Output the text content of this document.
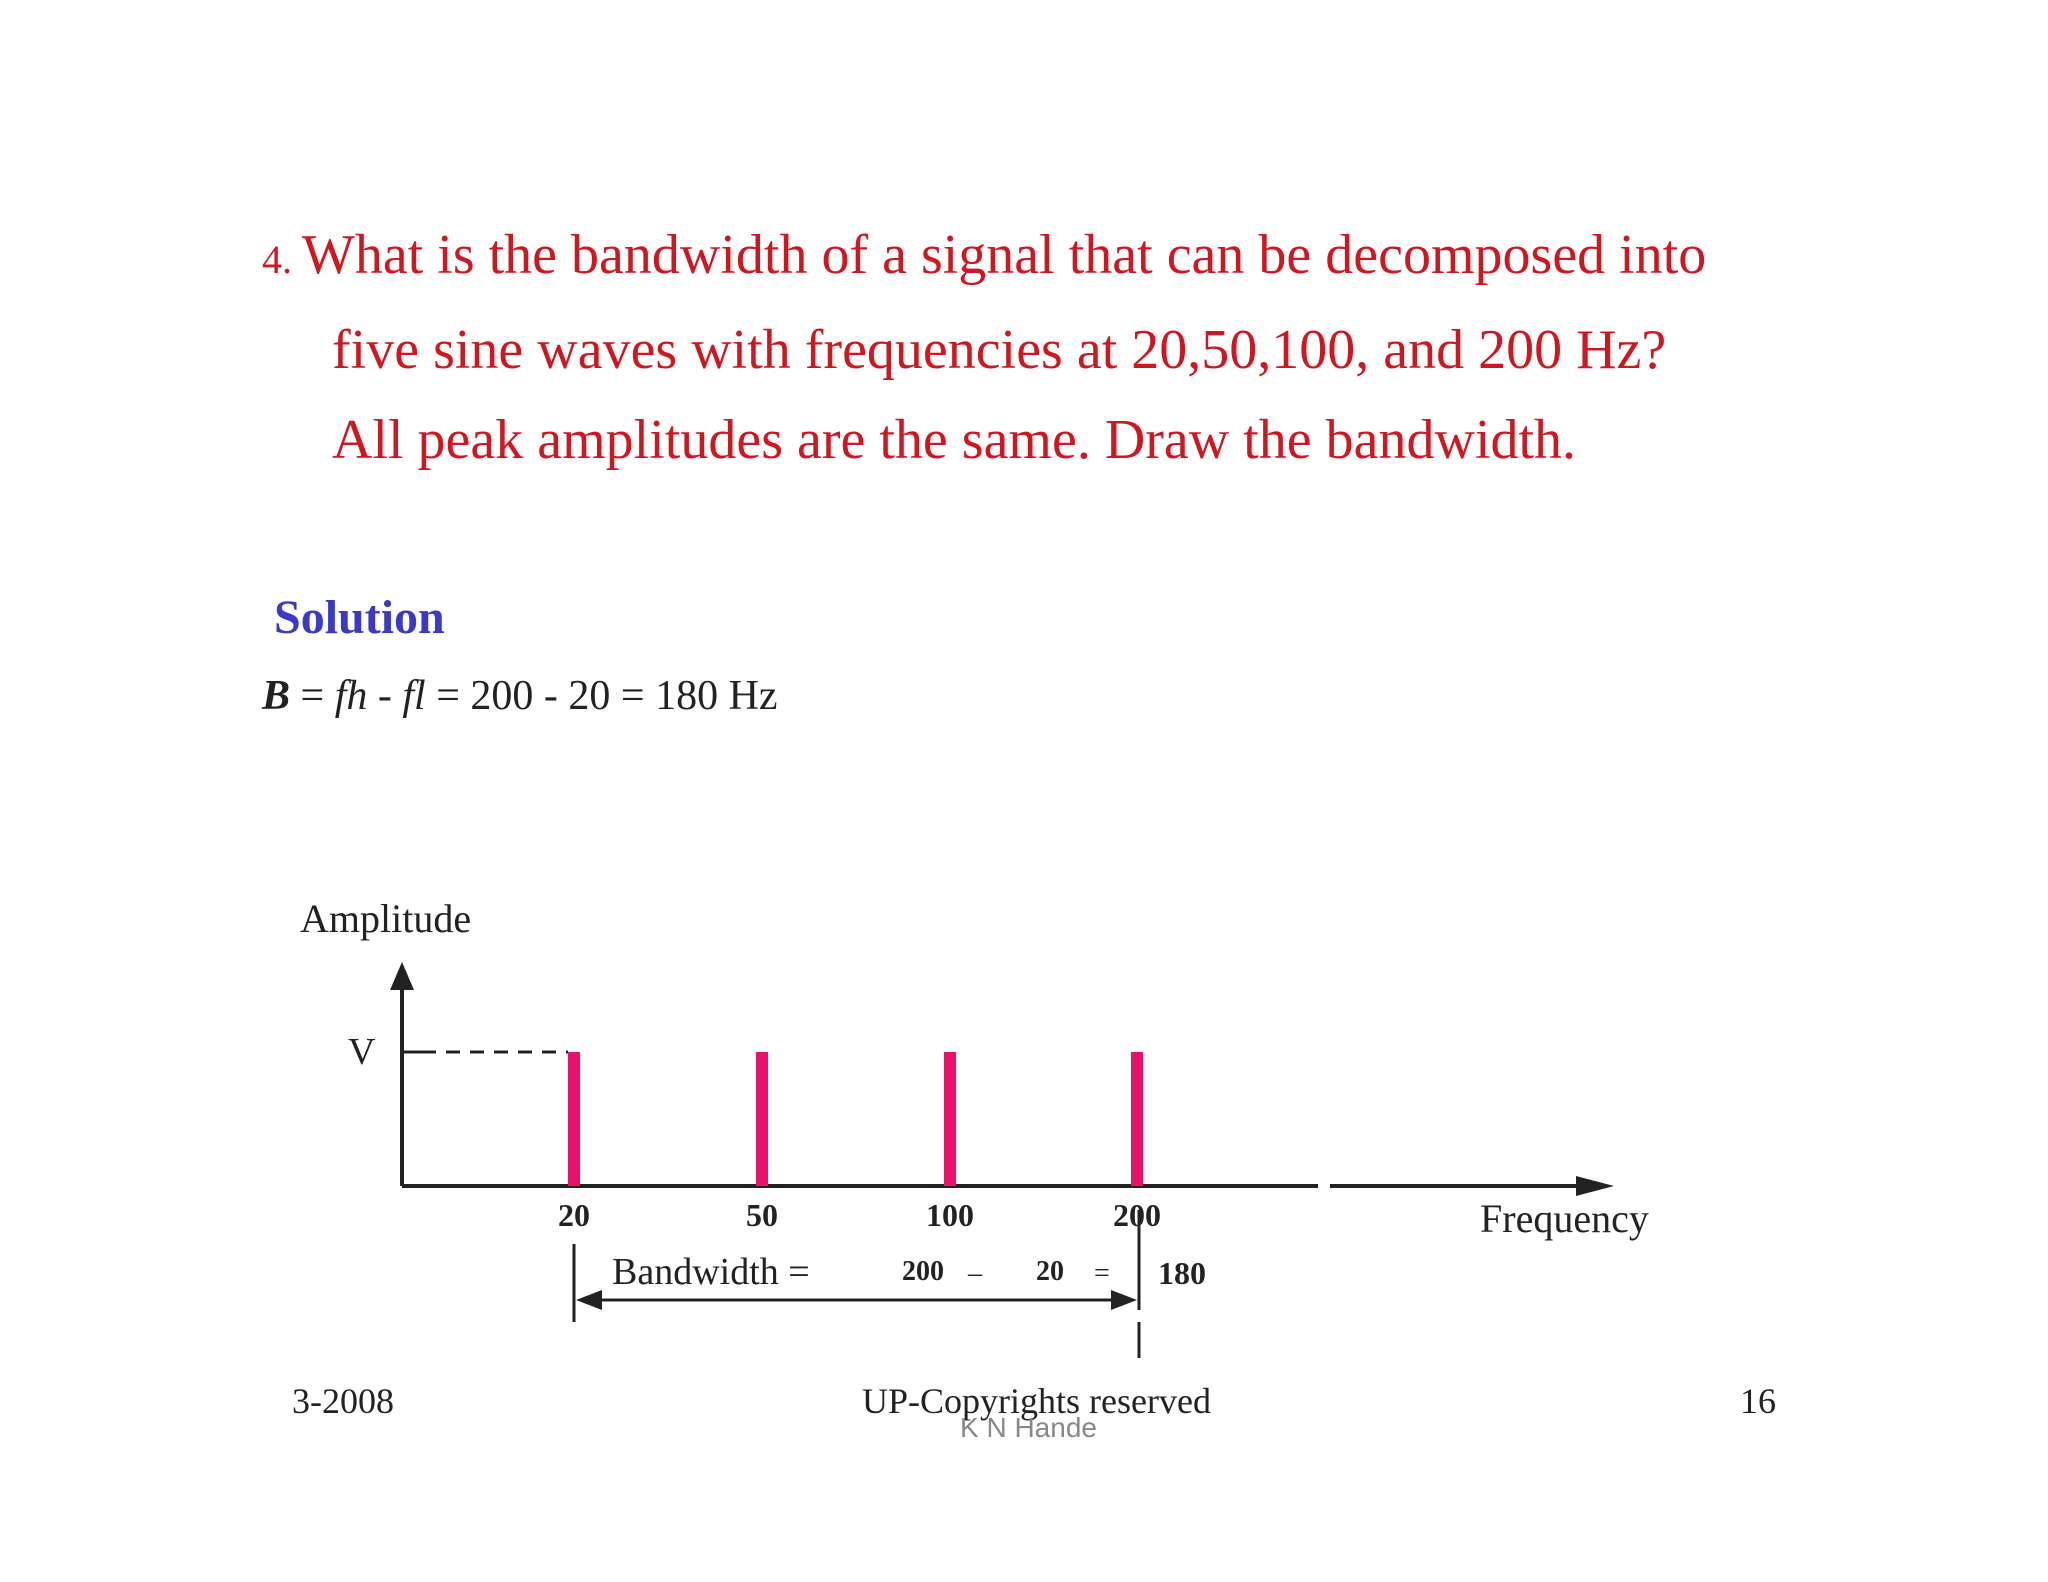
4. What is the bandwidth of a signal that can be decomposed into
five sine waves with frequencies at 20,50,100, and 200 Hz?
All peak amplitudes are the same. Draw the bandwidth.
Solution
B = fh - fl = 200 - 20 = 180 Hz
Amplitude
Frequency
V
20	50	100	200
Bandwidth =	200 – 20 = 180
3-2008	UP-Copyrights reserved	16
K N Hande
